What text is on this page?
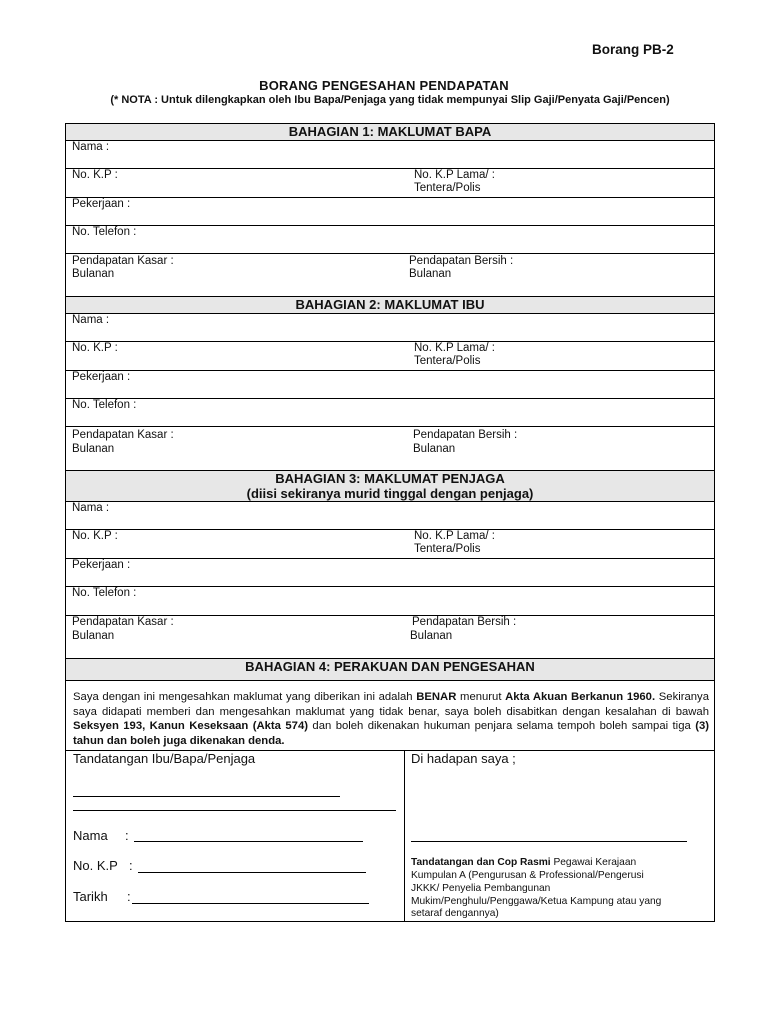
Borang PB-2
BORANG PENGESAHAN PENDAPATAN
(* NOTA : Untuk dilengkapkan oleh Ibu Bapa/Penjaga yang tidak mempunyai Slip Gaji/Penyata Gaji/Pencen)
BAHAGIAN 1: MAKLUMAT BAPA
Nama :
No. K.P :	No. K.P Lama/ :
Tentera/Polis
Pekerjaan :
No. Telefon :
Pendapatan Kasar :
Bulanan
Pendapatan Bersih :
Bulanan
BAHAGIAN 2: MAKLUMAT IBU
Nama :
No. K.P :	No. K.P Lama/ :
Tentera/Polis
Pekerjaan :
No. Telefon :
Pendapatan Kasar :
Bulanan
Pendapatan Bersih :
Bulanan
BAHAGIAN 3: MAKLUMAT PENJAGA
(diisi sekiranya murid tinggal dengan penjaga)
Nama :
No. K.P :	No. K.P Lama/ :
Tentera/Polis
Pekerjaan :
No. Telefon :
Pendapatan Kasar :
Bulanan
Pendapatan Bersih :
Bulanan
BAHAGIAN 4: PERAKUAN DAN PENGESAHAN
Saya dengan ini mengesahkan maklumat yang diberikan ini adalah BENAR menurut Akta Akuan Berkanun 1960. Sekiranya saya didapati memberi dan mengesahkan maklumat yang tidak benar, saya boleh disabitkan dengan kesalahan di bawah Seksyen 193, Kanun Keseksaan (Akta 574) dan boleh dikenakan hukuman penjara selama tempoh boleh sampai tiga (3) tahun dan boleh juga dikenakan denda.
Tandatangan Ibu/Bapa/Penjaga
Nama :
No. K.P :
Tarikh :
Di hadapan saya ;
Tandatangan dan Cop Rasmi Pegawai Kerajaan
Kumpulan A (Pengurusan & Professional/Pengerusi
JKKK/ Penyelia Pembangunan
Mukim/Penghulu/Penggawa/Ketua Kampung atau yang
setaraf dengannya)
